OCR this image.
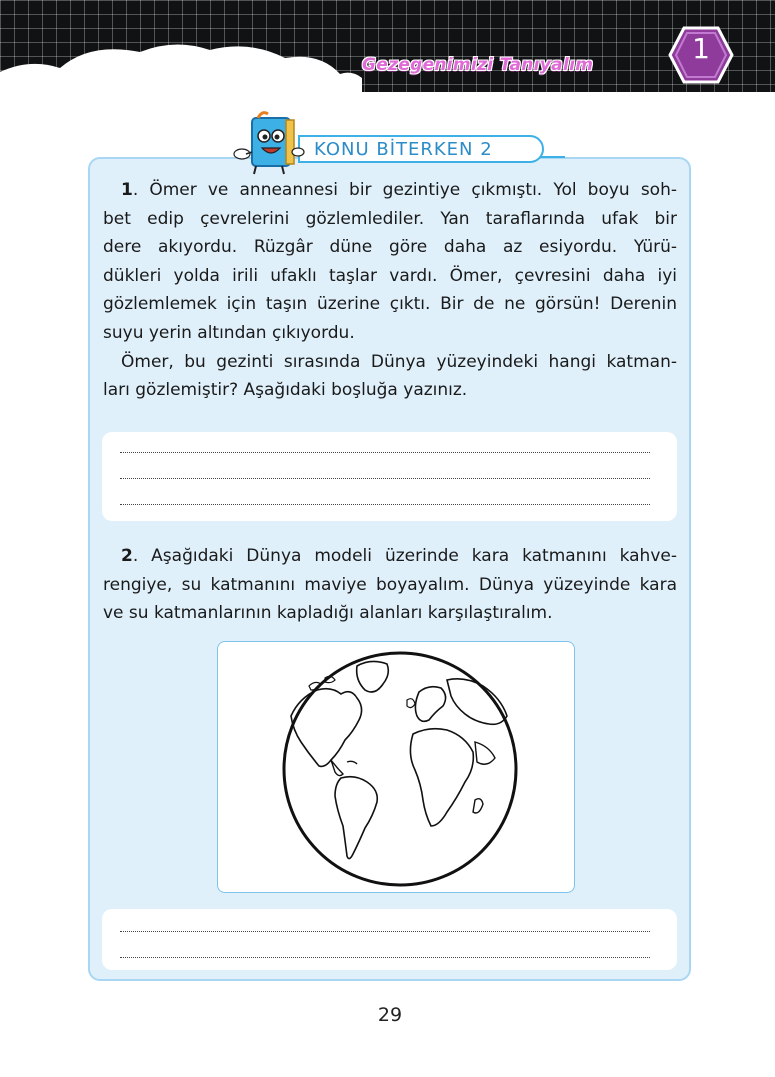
Gezegenimizi Tanıyalım	1
KONU BİTERKEN 2
1. Ömer ve anneannesi bir gezintiye çıkmıştı. Yol boyu soh-
bet edip çevrelerini gözlemlediler. Yan taraflarında ufak bir
dere akıyordu. Rüzgâr düne göre daha az esiyordu. Yürü-
dükleri yolda irili ufaklı taşlar vardı. Ömer, çevresini daha iyi
gözlemlemek için taşın üzerine çıktı. Bir de ne görsün! Derenin
suyu yerin altından çıkıyordu.
Ömer, bu gezinti sırasında Dünya yüzeyindeki hangi katman-
ları gözlemiştir? Aşağıdaki boşluğa yazınız.
2. Aşağıdaki Dünya modeli üzerinde kara katmanını kahve-
rengiye, su katmanını maviye boyayalım. Dünya yüzeyinde kara
ve su katmanlarının kapladığı alanları karşılaştıralım.
29
